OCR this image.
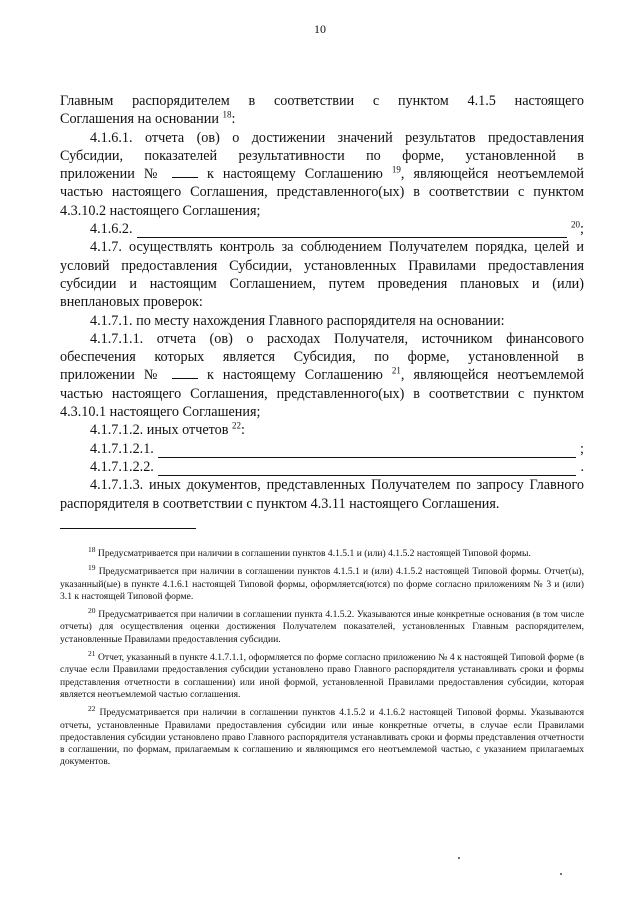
10

Главным распорядителем в соответствии с пунктом 4.1.5 настоящего

Соглашения на основании $^{18}$:

4.1.6.1. отчета (ов) о достижении значений результатов предоставления

Субсидии, показателей результативности по форме, установленной в

приложении №	к настоящему Соглашению $^{19}$, являющейся неотъемлемой

частью настоящего Соглашения, представленного(ых) в соответствии с пунктом 4.3.10.2 настоящего Соглашения;

4.1.6.2.	$^{20}$;

4.1.7. осуществлять контроль за соблюдением Получателем порядка, целей и условий предоставления Субсидии, установленных Правилами предоставления субсидии и настоящим Соглашением, путем проведения плановых и (или) внеплановых проверок:

4.1.7.1. по месту нахождения Главного распорядителя на основании:

4.1.7.1.1. отчета (ов) о расходах Получателя, источником финансового

обеспечения которых является Субсидия, по форме, установленной в

приложении №	к настоящему Соглашению $^{21}$, являющейся неотъемлемой

частью настоящего Соглашения, представленного(ых) в соответствии с пунктом 4.3.10.1 настоящего Соглашения;

4.1.7.1.2. иных отчетов $^{22}$:

4.1.7.1.2.1.	;
4.1.7.1.2.2.	.

4.1.7.1.3. иных документов, представленных Получателем по запросу Главного распорядителя в соответствии с пунктом 4.3.11 настоящего Соглашения.

$^{18}$ Предусматривается при наличии в соглашении пунктов 4.1.5.1 и (или) 4.1.5.2 настоящей Типовой формы.

$^{19}$ Предусматривается при наличии в соглашении пунктов 4.1.5.1 и (или) 4.1.5.2 настоящей Типовой формы. Отчет(ы), указанный(ые) в пункте 4.1.6.1 настоящей Типовой формы, оформляется(ются) по форме согласно приложениям № 3 и (или) 3.1 к настоящей Типовой форме.

$^{20}$ Предусматривается при наличии в соглашении пункта 4.1.5.2. Указываются иные конкретные основания (в том числе отчеты) для осуществления оценки достижения Получателем показателей, установленных Главным распорядителем, установленные Правилами предоставления субсидии.

$^{21}$ Отчет, указанный в пункте 4.1.7.1.1, оформляется по форме согласно приложению № 4 к настоящей Типовой форме (в случае если Правилами предоставления субсидии установлено право Главного распорядителя устанавливать сроки и формы представления отчетности в соглашении) или иной формой, установленной Правилами предоставления субсидии, которая является неотъемлемой частью соглашения.

$^{22}$ Предусматривается при наличии в соглашении пунктов 4.1.5.2 и 4.1.6.2 настоящей Типовой формы. Указываются отчеты, установленные Правилами предоставления субсидии или иные конкретные отчеты, в случае если Правилами предоставления субсидии установлено право Главного распорядителя устанавливать сроки и формы представления отчетности в соглашении, по формам, прилагаемым к соглашению и являющимся его неотъемлемой частью, с указанием прилагаемых документов.
